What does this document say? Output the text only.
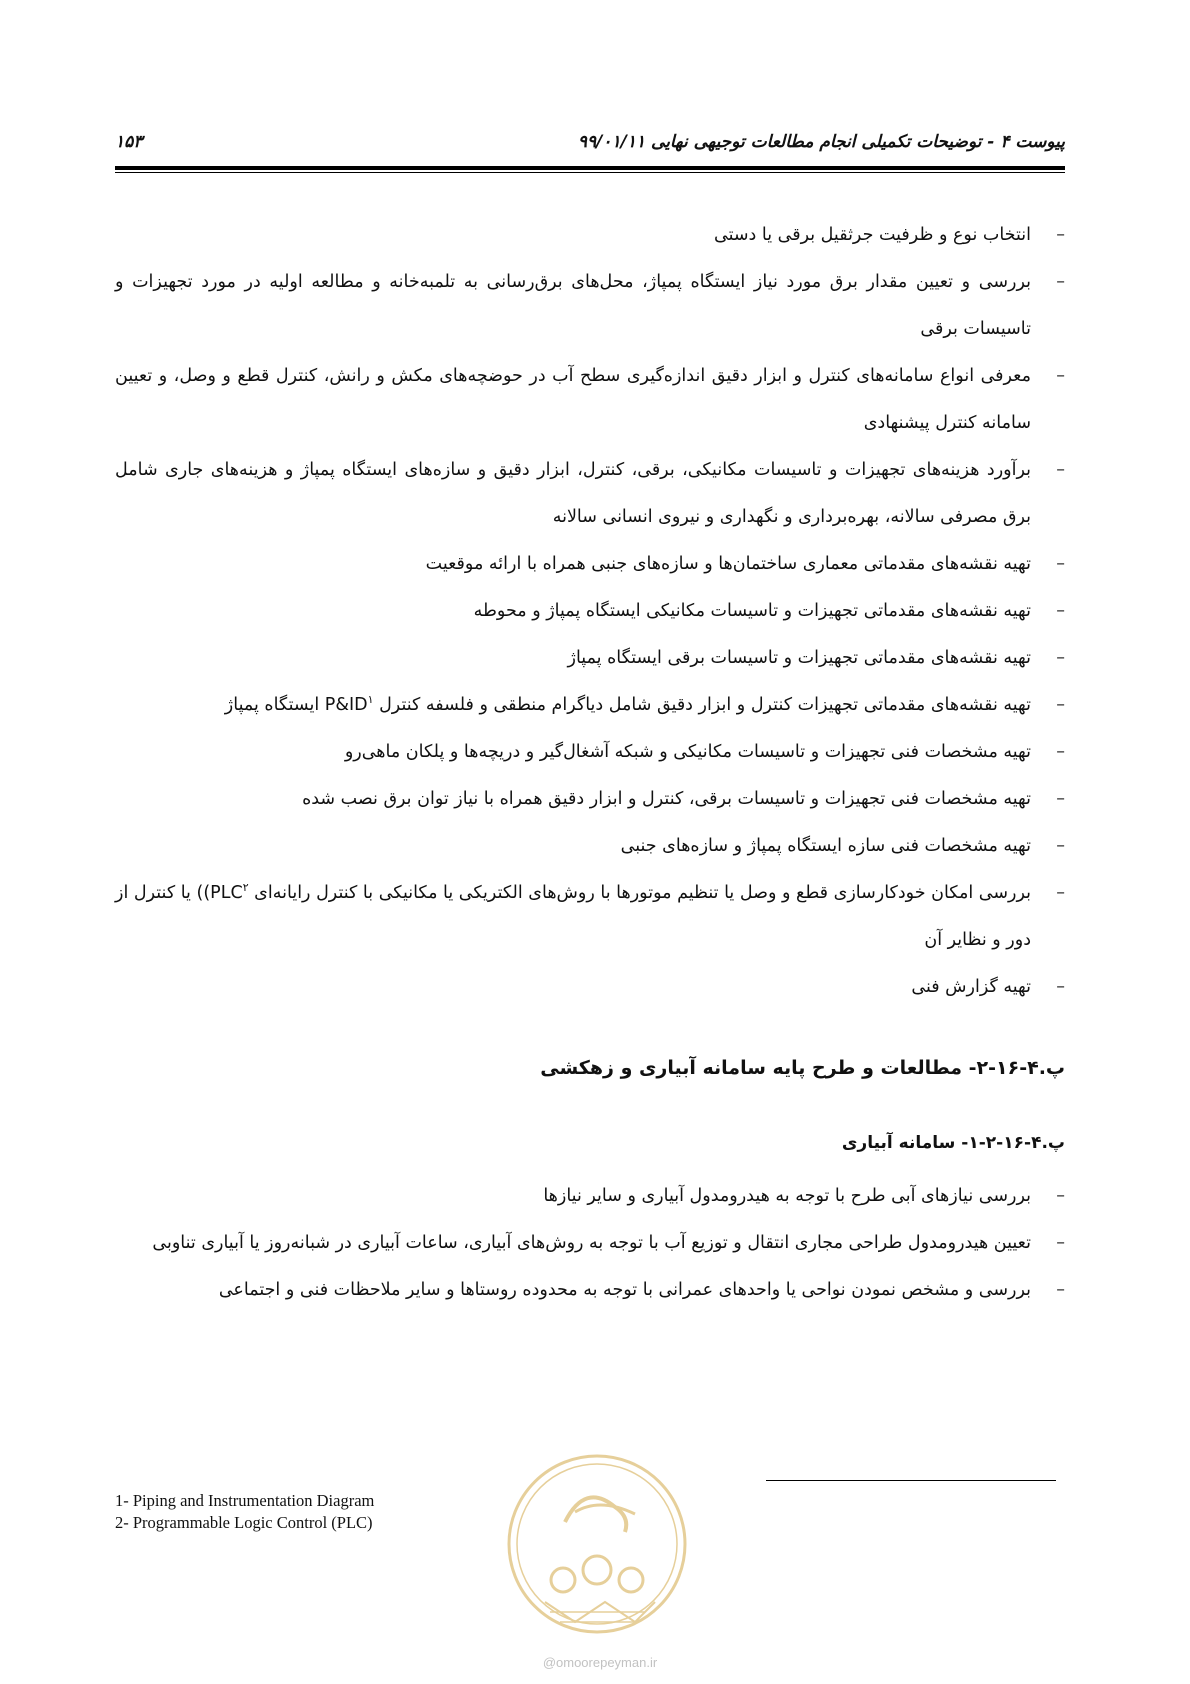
پیوست ۴ - توضیحات تکمیلی انجام مطالعات توجیهی نهایی ۹۹/۰۱/۱۱
۱۵۳
– انتخاب نوع و ظرفیت جرثقیل برقی یا دستی
– بررسی و تعیین مقدار برق مورد نیاز ایستگاه پمپاژ، محل‌های برق‌رسانی به تلمبه‌خانه و مطالعه اولیه در مورد تجهیزات و تاسیسات برقی
– معرفی انواع سامانه‌های کنترل و ابزار دقیق اندازه‌گیری سطح آب در حوضچه‌های مکش و رانش، کنترل قطع و وصل، و تعیین سامانه کنترل پیشنهادی
– برآورد هزینه‌های تجهیزات و تاسیسات مکانیکی، برقی، کنترل، ابزار دقیق و سازه‌های ایستگاه پمپاژ و هزینه‌های جاری شامل برق مصرفی سالانه، بهره‌برداری و نگهداری و نیروی انسانی سالانه
– تهیه نقشه‌های مقدماتی معماری ساختمان‌ها و سازه‌های جنبی همراه با ارائه موقعیت
– تهیه نقشه‌های مقدماتی تجهیزات و تاسیسات مکانیکی ایستگاه پمپاژ و محوطه
– تهیه نقشه‌های مقدماتی تجهیزات و تاسیسات برقی ایستگاه پمپاژ
– تهیه نقشه‌های مقدماتی تجهیزات کنترل و ابزار دقیق شامل دیاگرام منطقی و فلسفه کنترل $P\&ID^۱$ ایستگاه پمپاژ
– تهیه مشخصات فنی تجهیزات و تاسیسات مکانیکی و شبکه آشغال‌گیر و دریچه‌ها و پلکان ماهی‌رو
– تهیه مشخصات فنی تجهیزات و تاسیسات برقی، کنترل و ابزار دقیق همراه با نیاز توان برق نصب شده
– تهیه مشخصات فنی سازه ایستگاه پمپاژ و سازه‌های جنبی
– بررسی امکان خودکارسازی قطع و وصل یا تنظیم موتورها با روش‌های الکتریکی یا مکانیکی با کنترل رایانه‌ای (PLC$^۲$) یا کنترل از دور و نظایر آن
– تهیه گزارش فنی
پ.۴-۱۶-۲- مطالعات و طرح پایه سامانه آبیاری و زهکشی
پ.۴-۱۶-۲-۱- سامانه آبیاری
– بررسی نیازهای آبی طرح با توجه به هیدرومدول آبیاری و سایر نیازها
– تعیین هیدرومدول طراحی مجاری انتقال و توزیع آب با توجه به روش‌های آبیاری، ساعات آبیاری در شبانه‌روز یا آبیاری تناوبی
– بررسی و مشخص نمودن نواحی یا واحدهای عمرانی با توجه به محدوده روستاها و سایر ملاحظات فنی و اجتماعی
1- Piping and Instrumentation Diagram
2- Programmable Logic Control (PLC)
@omoorepeyman.ir
